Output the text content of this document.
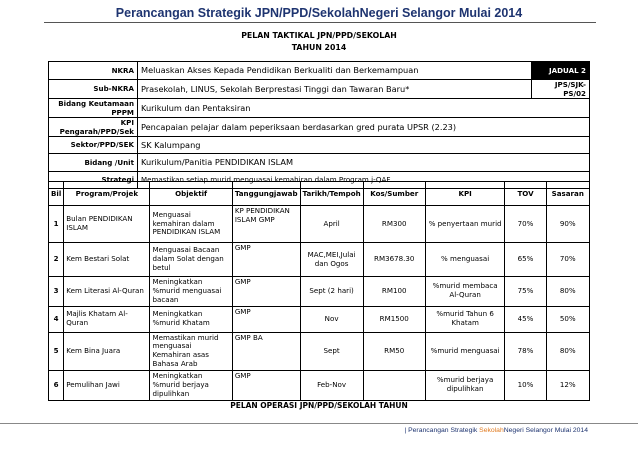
Perancangan Strategik JPN/PPD/SekolahNegeri Selangor Mulai 2014
PELAN TAKTIKAL JPN/PPD/SEKOLAH
TAHUN 2014
NKRA	Meluaskan Akses Kepada Pendidikan Berkualiti dan Berkemampuan	JADUAL 2
Sub-NKRA	Prasekolah, LINUS, Sekolah Berprestasi Tinggi dan Tawaran Baru*	JPS/SJK-PS/02
Bidang Keutamaan PPPM	Kurikulum dan Pentaksiran	
KPI Pengarah/PPD/Sek	Pencapaian pelajar dalam peperiksaan berdasarkan gred purata UPSR (2.23)	
Sektor/PPD/SEK	SK Kalumpang	
Bidang /Unit	Kurikulum/Panitia PENDIDIKAN ISLAM	
Strategi	Memastikan setiap murid menguasai kemahiran dalam Program j-QAF.	
Bil	Program/Projek	Objektif	Tanggungjawab	Tarikh/Tempoh	Kos/Sumber	KPI	TOV	Sasaran
1	Bulan PENDIDIKAN ISLAM	Menguasai kemahiran dalam PENDIDIKAN ISLAM	KP PENDIDIKAN ISLAM GMP	April	RM300	% penyertaan murid	70%	90%
2	Kem Bestari Solat	Menguasai Bacaan dalam Solat dengan betul	GMP	MAC,MEI,Julai dan Ogos	RM3678.30	% menguasai	65%	70%
3	Kem Literasi Al-Quran	Meningkatkan %murid menguasai bacaan	GMP	Sept (2 hari)	RM100	%murid membaca Al-Quran	75%	80%
4	Majlis Khatam Al-Quran	Meningkatkan %murid Khatam	GMP	Nov	RM1500	%murid Tahun 6 Khatam	45%	50%
5	Kem Bina Juara	Memastikan murid menguasai Kemahiran asas Bahasa Arab	GMP BA	Sept	RM50	%murid menguasai	78%	80%
6	Pemulihan Jawi	Meningkatkan %murid berjaya dipulihkan	GMP	Feb-Nov		%murid berjaya dipulihkan	10%	12%
PELAN OPERASI JPN/PPD/SEKOLAH TAHUN
| Perancangan Strategik SekolahNegeri Selangor Mulai 2014
